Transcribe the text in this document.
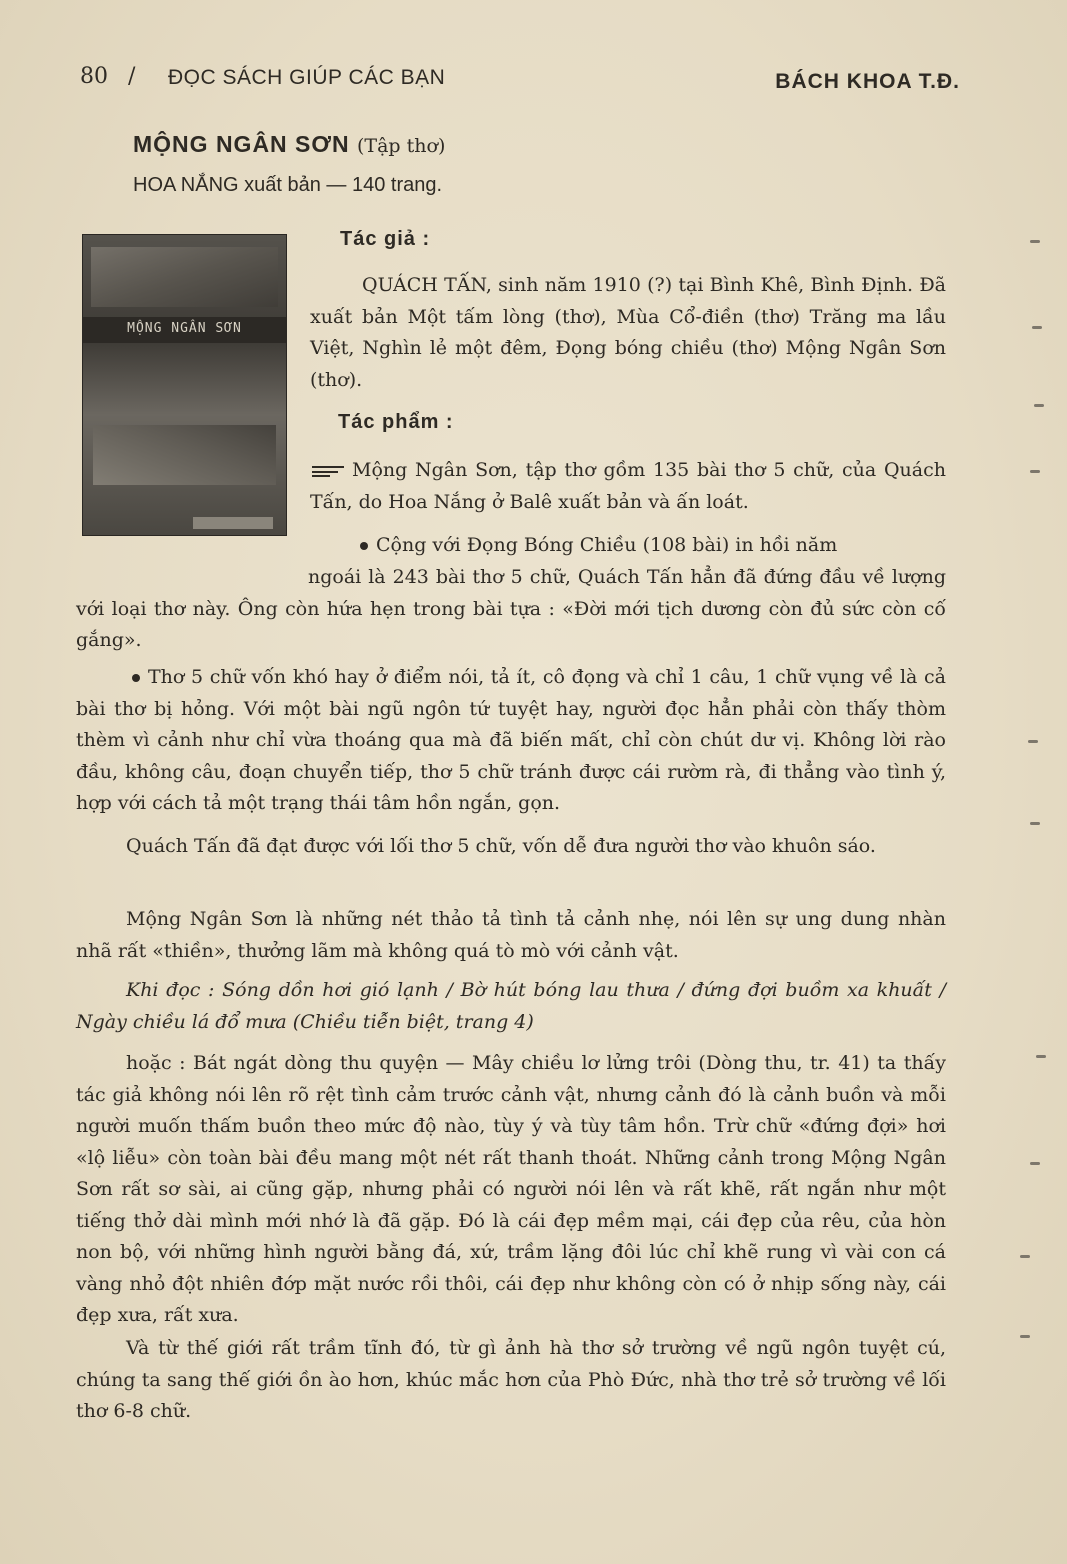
80 / ĐỌC SÁCH GIÚP CÁC BẠN	BÁCH KHOA T.Đ.
MỘNG NGÂN SƠN (Tập thơ)
HOA NẮNG xuất bản — 140 trang.
MỘNG NGÂN SƠN
Tác giả :
QUÁCH TẤN, sinh năm 1910 (?) tại Bình Khê, Bình Định. Đã xuất bản Một tấm lòng (thơ), Mùa Cổ-điền (thơ) Trăng ma lầu Việt, Nghìn lẻ một đêm, Đọng bóng chiều (thơ) Mộng Ngân Sơn (thơ).
Tác phẩm :
Mộng Ngân Sơn, tập thơ gồm 135 bài thơ 5 chữ, của Quách Tấn, do Hoa Nắng ở Balê xuất bản và ấn loát.
Cộng với Đọng Bóng Chiều (108 bài) in hồi năm
ngoái là 243 bài thơ 5 chữ, Quách Tấn hẳn đã đứng đầu về lượng với loại thơ này. Ông còn hứa hẹn trong bài tựa : «Đời mới tịch dương còn đủ sức còn cố gắng».
Thơ 5 chữ vốn khó hay ở điểm nói, tả ít, cô đọng và chỉ 1 câu, 1 chữ vụng về là cả bài thơ bị hỏng. Với một bài ngũ ngôn tứ tuyệt hay, người đọc hẳn phải còn thấy thòm thèm vì cảnh như chỉ vừa thoáng qua mà đã biến mất, chỉ còn chút dư vị. Không lời rào đầu, không câu, đoạn chuyển tiếp, thơ 5 chữ tránh được cái rườm rà, đi thẳng vào tình ý, hợp với cách tả một trạng thái tâm hồn ngắn, gọn.
Quách Tấn đã đạt được với lối thơ 5 chữ, vốn dễ đưa người thơ vào khuôn sáo.
Mộng Ngân Sơn là những nét thảo tả tình tả cảnh nhẹ, nói lên sự ung dung nhàn nhã rất «thiền», thưởng lãm mà không quá tò mò với cảnh vật.
Khi đọc : Sóng dồn hơi gió lạnh / Bờ hút bóng lau thưa / đứng đợi buồm xa khuất / Ngày chiều lá đổ mưa (Chiều tiễn biệt, trang 4)
hoặc : Bát ngát dòng thu quyện — Mây chiều lơ lửng trôi (Dòng thu, tr. 41) ta thấy tác giả không nói lên rõ rệt tình cảm trước cảnh vật, nhưng cảnh đó là cảnh buồn và mỗi người muốn thấm buồn theo mức độ nào, tùy ý và tùy tâm hồn. Trừ chữ «đứng đợi» hơi «lộ liễu» còn toàn bài đều mang một nét rất thanh thoát. Những cảnh trong Mộng Ngân Sơn rất sơ sài, ai cũng gặp, nhưng phải có người nói lên và rất khẽ, rất ngắn như một tiếng thở dài mình mới nhớ là đã gặp. Đó là cái đẹp mềm mại, cái đẹp của rêu, của hòn non bộ, với những hình người bằng đá, xứ, trầm lặng đôi lúc chỉ khẽ rung vì vài con cá vàng nhỏ đột nhiên đớp mặt nước rồi thôi, cái đẹp như không còn có ở nhịp sống này, cái đẹp xưa, rất xưa.
Và từ thế giới rất trầm tĩnh đó, từ gì ảnh hà thơ sở trường về ngũ ngôn tuyệt cú, chúng ta sang thế giới ồn ào hơn, khúc mắc hơn của Phò Đức, nhà thơ trẻ sở trường về lối thơ 6-8 chữ.
